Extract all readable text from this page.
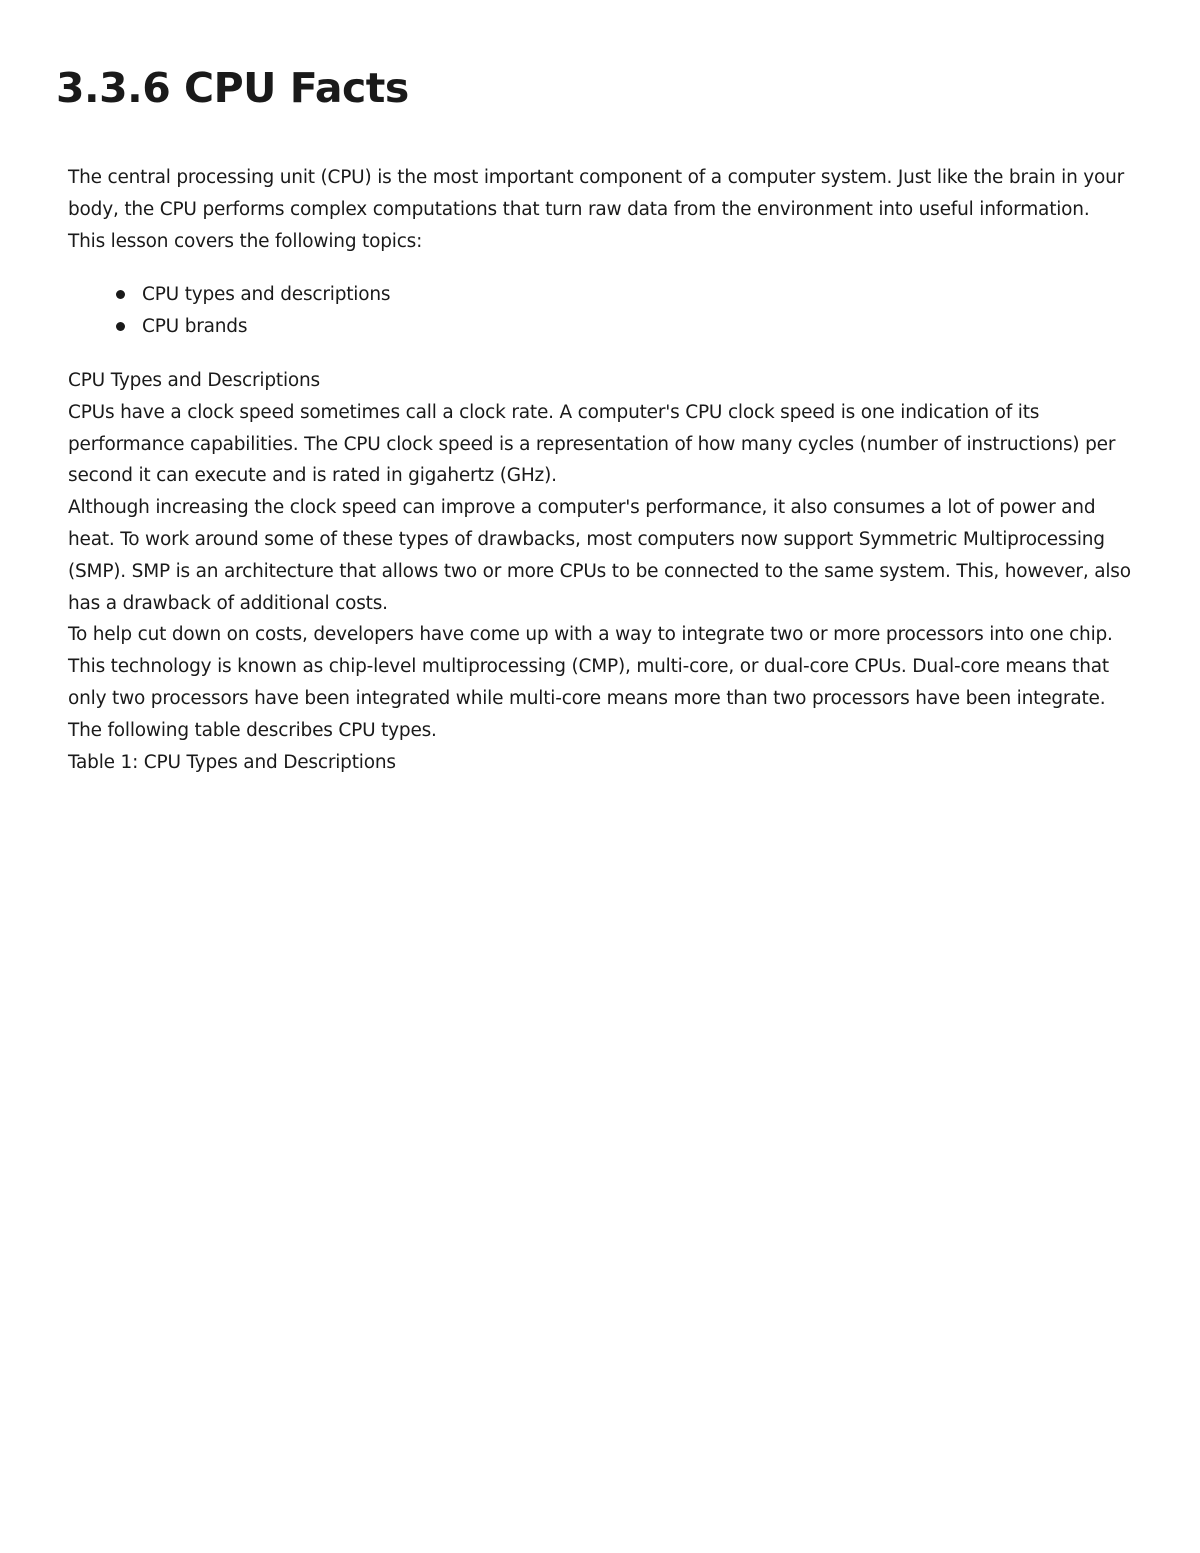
3.3.6 CPU Facts

The central processing unit (CPU) is the most important component of a computer system. Just like the brain in your body, the CPU performs complex computations that turn raw data from the environment into useful information.

This lesson covers the following topics:

CPU types and descriptions
CPU brands

CPU Types and Descriptions

CPUs have a clock speed sometimes call a clock rate. A computer's CPU clock speed is one indication of its performance capabilities. The CPU clock speed is a representation of how many cycles (number of instructions) per second it can execute and is rated in gigahertz (GHz).

Although increasing the clock speed can improve a computer's performance, it also consumes a lot of power and heat. To work around some of these types of drawbacks, most computers now support Symmetric Multiprocessing (SMP). SMP is an architecture that allows two or more CPUs to be connected to the same system. This, however, also has a drawback of additional costs.

To help cut down on costs, developers have come up with a way to integrate two or more processors into one chip. This technology is known as chip-level multiprocessing (CMP), multi-core, or dual-core CPUs. Dual-core means that only two processors have been integrated while multi-core means more than two processors have been integrate.

The following table describes CPU types.

Table 1: CPU Types and Descriptions
